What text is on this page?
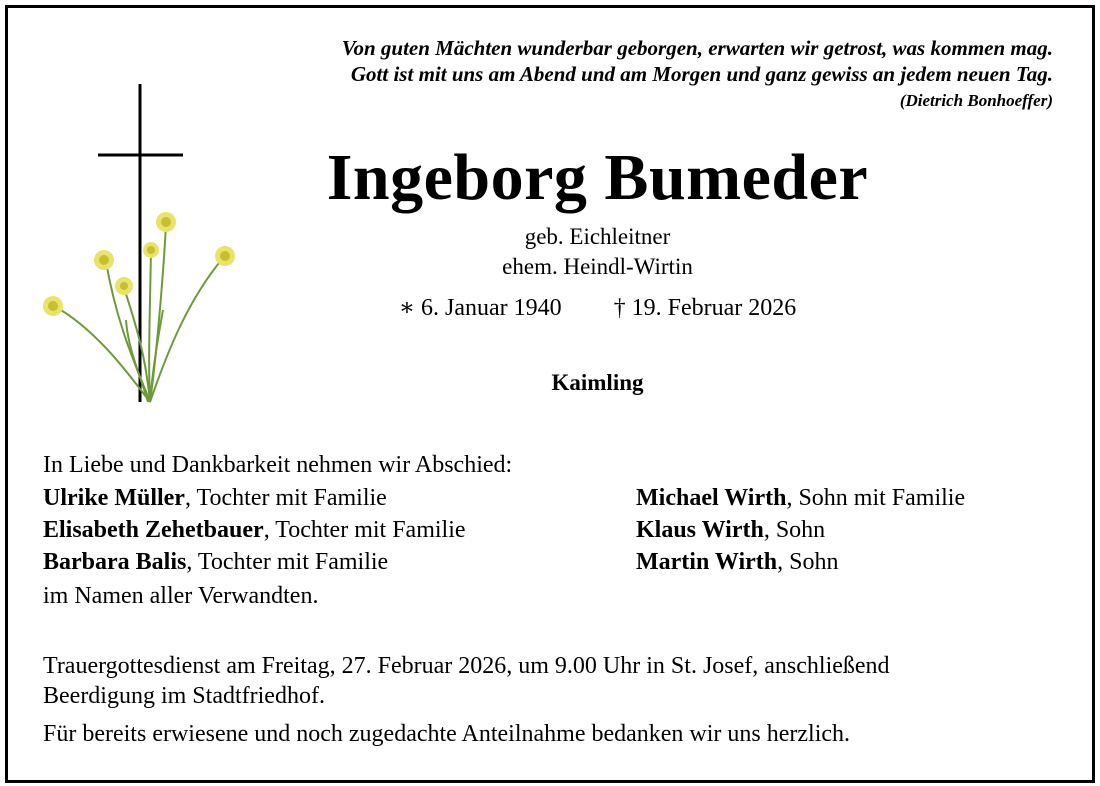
Von guten Mächten wunderbar geborgen, erwarten wir getrost, was kommen mag.
Gott ist mit uns am Abend und am Morgen und ganz gewiss an jedem neuen Tag.
(Dietrich Bonhoeffer)
Ingeborg Bumeder
geb. Eichleitner
ehem. Heindl-Wirtin
∗ 6. Januar 1940 † 19. Februar 2026
Kaimling
In Liebe und Dankbarkeit nehmen wir Abschied:
Ulrike Müller, Tochter mit Familie
Elisabeth Zehetbauer, Tochter mit Familie
Barbara Balis, Tochter mit Familie
im Namen aller Verwandten.
Michael Wirth, Sohn mit Familie
Klaus Wirth, Sohn
Martin Wirth, Sohn
Trauergottesdienst am Freitag, 27. Februar 2026, um 9.00 Uhr in St. Josef, anschließend
Beerdigung im Stadtfriedhof.
Für bereits erwiesene und noch zugedachte Anteilnahme bedanken wir uns herzlich.
